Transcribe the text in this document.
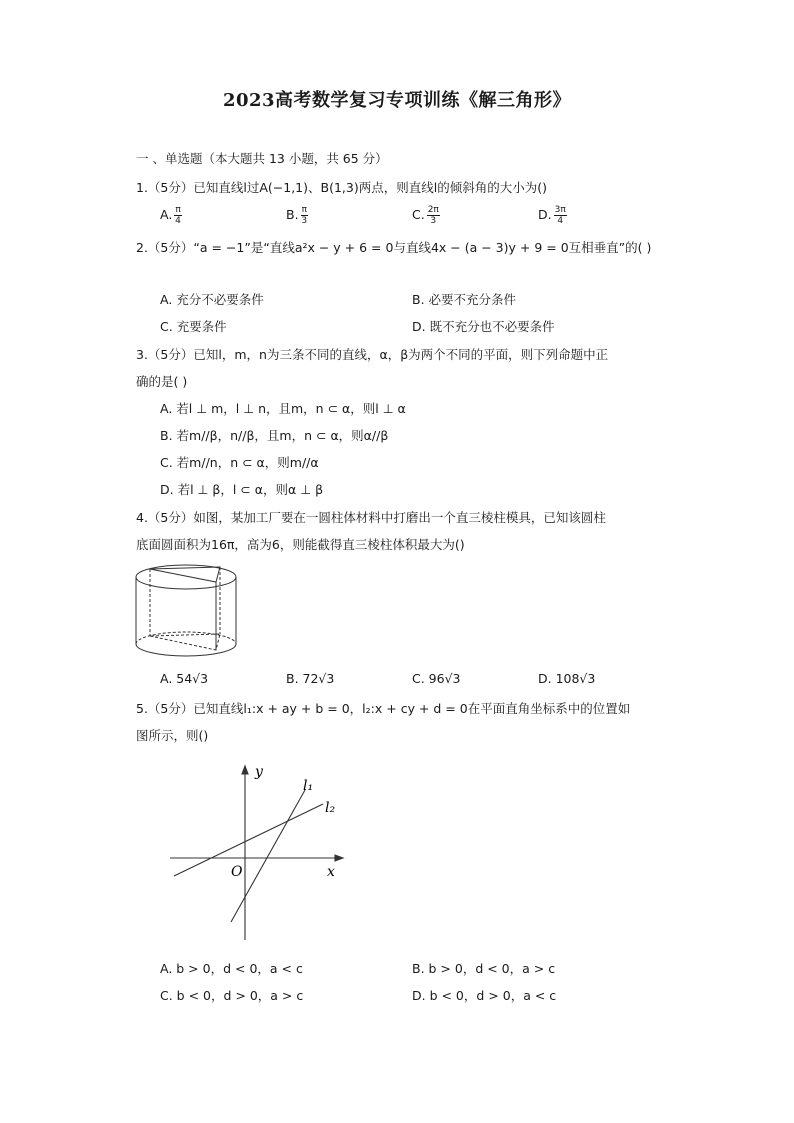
2023高考数学复习专项训练《解三角形》
一 、单选题（本大题共 13 小题，共 65 分）
1.（5分）已知直线l过A(−1,1)、B(1,3)两点，则直线l的倾斜角的大小为()
A. $\frac{\pi}{4}$	B. $\frac{\pi}{3}$	C. $\frac{2\pi}{3}$	D. $\frac{3\pi}{4}$
2.（5分）“a = −1”是“直线a²x − y + 6 = 0与直线4x − (a − 3)y + 9 = 0互相垂直”的( )
A. 充分不必要条件	B. 必要不充分条件
C. 充要条件	D. 既不充分也不必要条件
3.（5分）已知l，m，n为三条不同的直线，α，β为两个不同的平面，则下列命题中正
确的是( )
A. 若l ⊥ m，l ⊥ n，且m，n ⊂ α，则l ⊥ α
B. 若m//β，n//β，且m，n ⊂ α，则α//β
C. 若m//n，n ⊂ α，则m//α
D. 若l ⊥ β，l ⊂ α，则α ⊥ β
4.（5分）如图，某加工厂要在一圆柱体材料中打磨出一个直三棱柱模具，已知该圆柱
底面圆面积为16π，高为6，则能截得直三棱柱体积最大为()
A. 54√3	B. 72√3	C. 96√3	D. 108√3
5.（5分）已知直线l₁:x + ay + b = 0，l₂:x + cy + d = 0在平面直角坐标系中的位置如
图所示，则()
y
x
O
l₁
l₂
A. b > 0，d < 0，a < c	B. b > 0，d < 0，a > c
C. b < 0，d > 0，a > c	D. b < 0，d > 0，a < c
